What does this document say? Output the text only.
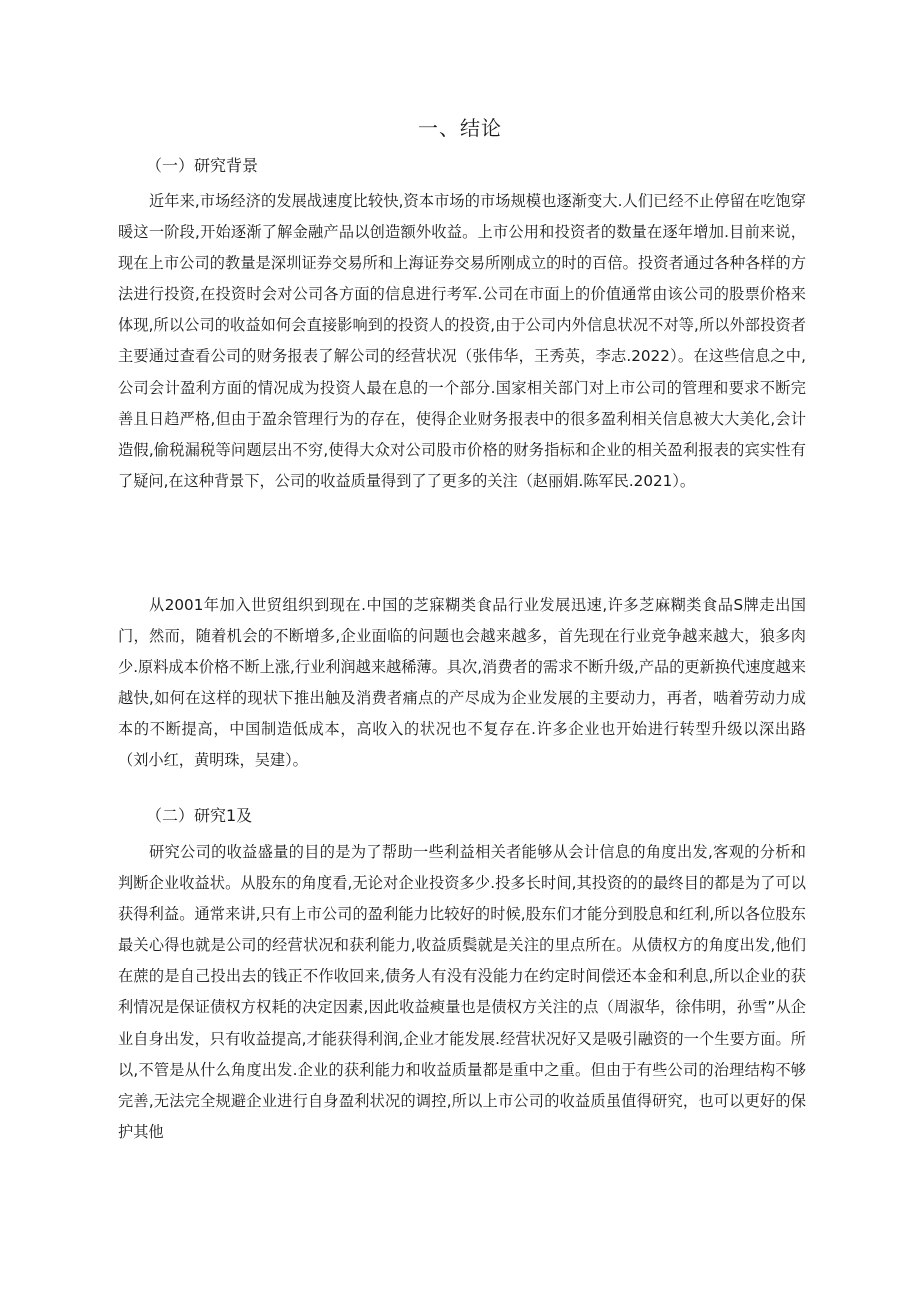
一、结论
（一）研究背景

近年来,市场经济的发展战速度比较快,资本市场的市场规模也逐渐变大.人们已经不止停留在吃饱穿暖这一阶段,开始逐渐了解金融产品以创造额外收益。上市公用和投资者的数量在逐年增加.目前来说，现在上市公司的教量是深圳证券交易所和上海证券交易所刚成立的时的百倍。投资者通过各种各样的方法进行投资,在投资时会对公司各方面的信息进行考军.公司在市面上的价值通常由该公司的股票价格来体现,所以公司的收益如何会直接影响到的投资人的投资,由于公司内外信息状况不对等,所以外部投资者主要通过查看公司的财务报表了解公司的经营状况（张伟华，王秀英，李志.2022）。在这些信息之中,公司会计盈利方面的情况成为投资人最在息的一个部分.国家相关部门对上市公司的管理和要求不断完善且日趋严格,但由于盈余管理行为的存在，使得企业财务报表中的很多盈利相关信息被大大美化,会计造假,偷税漏税等问题层出不穷,使得大众对公司股市价格的财务指标和企业的相关盈利报表的宾实性有了疑问,在这种背景下，公司的收益质量得到了了更多的关注（赵丽娟.陈军民.2021）。

从2001年加入世贸组织到现在.中国的芝寐糊类食品行业发展迅速,许多芝麻糊类食品S牌走出国门，然而，随着机会的不断增多,企业面临的问题也会越来越多，首先现在行业竞争越来越大，狼多肉少.原料成本价格不断上涨,行业利润越来越稀薄。具次,消费者的需求不断升级,产品的更新换代速度越来越快,如何在这样的现状下推出触及消费者痛点的产尽成为企业发展的主要动力，再者，啮着劳动力成本的不断提高，中国制造低成本，高收入的状况也不复存在.许多企业也开始进行转型升级以深出路（刘小红，黄明珠，吴建）。

（二）研究1及

研究公司的收益盛量的目的是为了帮助一些利益相关者能够从会计信息的角度出发,客观的分析和判断企业收益状。从股东的角度看,无论对企业投资多少.投多长时间,其投资的的最终目的都是为了可以获得利益。通常来讲,只有上市公司的盈利能力比较好的时候,股东们才能分到股息和红利,所以各位股东最关心得也就是公司的经营状况和获利能力,收益质鬓就是关注的里点所在。从债权方的角度出发,他们在蔗的是自己投出去的钱正不作收回来,债务人有没有没能力在约定时间偿还本金和利息,所以企业的获利情况是保证债权方权耗的决定因素,因此收益瘐量也是债权方关注的点（周淑华，徐伟明，孙雪”从企业自身出发，只有收益提高,才能获得利润,企业才能发展.经营状况好又是吸引融资的一个生要方面。所以,不管是从什么角度出发.企业的获利能力和收益质量都是重中之重。但由于有些公司的治理结构不够完善,无法完全规避企业进行自身盈利状况的调控,所以上市公司的收益质虽值得研究，也可以更好的保护其他
